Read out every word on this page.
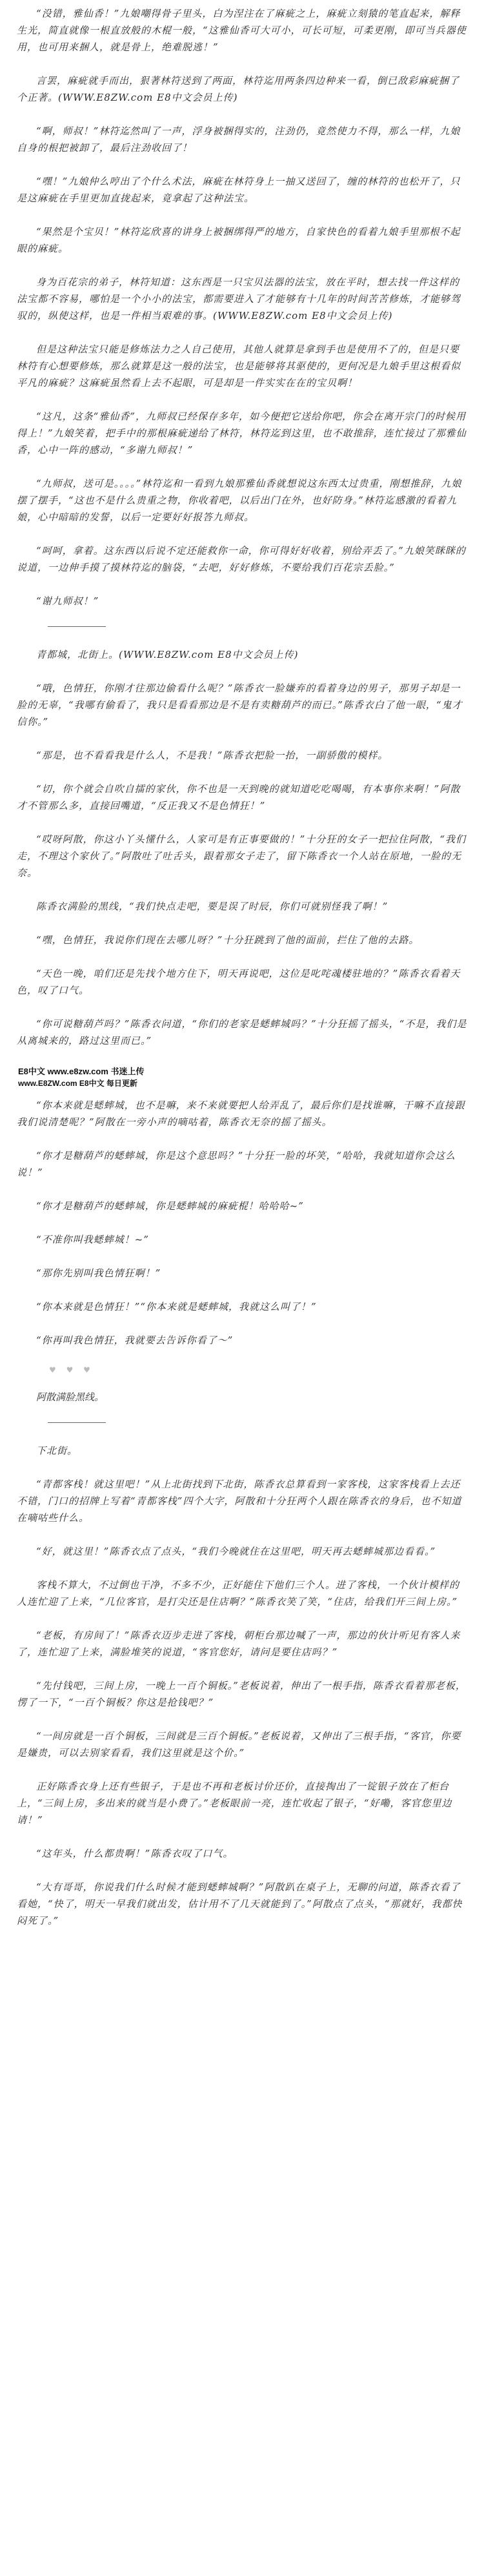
“没错，雅仙香！”九娘嘲得骨子里头，白为涅注在了麻疵之上，麻疵立刻猿的笔直起来，解释生光，简直就像一根直放般的木棍一般，“这雅仙香可大可小，可长可短，可柔更刚，即可当兵器使用，也可用来捆人，就是骨上，绝难脱逃！”

言罢，麻疵就手而出，狠著林符送到了两面，林符迄用两条四边种来一看，倒已敌彩麻疵捆了个正著。(WWW.E8ZW.com E8中文会员上传)

“啊，师叔！”林符迄然叫了一声，浮身被捆得实的，注劲仍，竟然使力不得，那么一样，九娘自身的根把被卸了，最后注劲收回了！

“嘿！”九娘仲么哼出了个什么术法，麻疵在林符身上一抽又送回了，缠的林符的也松开了，只是这麻疵在手里更加直拢起来，竟拿起了这种法宝。

“果然是个宝贝！”林符迄欣喜的讲身上被捆绑得严的地方，自家快色的看着九娘手里那根不起眼的麻疵。

身为百花宗的弟子，林符知道：这东西是一只宝贝法器的法宝，放在平时，想去找一件这样的法宝都不容易，哪怕是一个小小的法宝，都需要进入了才能够有十几年的时间苦苦修炼，才能够驾驭的，纵使这样，也是一件相当艰难的事。(WWW.E8ZW.com E8中文会员上传)

但是这种法宝只能是修炼法力之人自己使用，其他人就算是拿到手也是使用不了的，但是只要林符有心想要修炼，那么就算是这一般的法宝，也是能够将其驱使的，更何况是九娘手里这根看似平凡的麻疵？这麻疵虽然看上去不起眼，可是却是一件实实在在的宝贝啊！

“这凡，这条“雅仙香”，九师叔已经保存多年，如今便把它送给你吧，你会在离开宗门的时候用得上！”九娘笑着，把手中的那根麻疵递给了林符，林符迄到这里，也不敢推辞，连忙接过了那雅仙香，心中一阵的感动，“多谢九师叔！”

“九师叔，送可是。。。。”林符迄和一看到九娘那雅仙香就想说这东西太过贵重，刚想推辞，九娘摆了摆手，“这也不是什么贵重之物，你收着吧，以后出门在外，也好防身。”林符迄感激的看着九娘，心中暗暗的发誓，以后一定要好好报答九师叔。

“呵呵，拿着。这东西以后说不定还能救你一命，你可得好好收着，别给弄丢了。”九娘笑眯眯的说道，一边伸手摸了摸林符迄的脑袋，“去吧，好好修炼，不要给我们百花宗丢脸。”

“谢九师叔！”

青都城，北街上。(WWW.E8ZW.com E8中文会员上传)

“哦，色情狂，你刚才往那边偷看什么呢？”陈香衣一脸嫌弃的看着身边的男子，那男子却是一脸的无辜，“我哪有偷看了，我只是看看那边是不是有卖糖葫芦的而已。”陈香衣白了他一眼，“鬼才信你。”

“那是，也不看看我是什么人，不是我！”陈香衣把脸一抬，一副骄傲的模样。

“切，你个就会自吹自擂的家伙，你不也是一天到晚的就知道吃吃喝喝，有本事你来啊！”阿散才不管那么多，直接回嘴道，“反正我又不是色情狂！”

“哎呀阿散，你这小丫头懂什么，人家可是有正事要做的！”十分狂的女子一把拉住阿散，“我们走，不理这个家伙了。”阿散吐了吐舌头，跟着那女子走了，留下陈香衣一个人站在原地，一脸的无奈。

陈香衣满脸的黑线，“我们快点走吧，要是误了时辰，你们可就别怪我了啊！”

“嘿，色情狂，我说你们现在去哪儿呀？”十分狂跳到了他的面前，拦住了他的去路。

“天色一晚，咱们还是先找个地方住下，明天再说吧，这位是叱咤魂楼驻地的？”陈香衣看着天色，叹了口气。

“你可说糖葫芦吗？”陈香衣问道，“你们的老家是蟋蟀城吗？”十分狂摇了摇头，“不是，我们是从离城来的，路过这里而已。”

E8中文 www.e8zw.com 书迷上传
www.E8ZW.com E8中文 每日更新

“你本来就是蟋蟀城，也不是嘛，来不来就要把人给弄乱了，最后你们是找谁嘛，干嘛不直接跟我们说清楚呢？”阿散在一旁小声的嘀咕着，陈香衣无奈的摇了摇头。

“你才是糖葫芦的蟋蟀城，你是这个意思吗？”十分狂一脸的坏笑，“哈哈，我就知道你会这么说！”

“你才是糖葫芦的蟋蟀城，你是蟋蟀城的麻疵棍！哈哈哈~”

“不准你叫我蟋蟀城！~”

“那你先别叫我色情狂啊！”

“你本来就是色情狂！”“你本来就是蟋蟀城，我就这么叫了！”

“你再叫我色情狂，我就要去告诉你看了～”

♥ ♥ ♥

阿散满脸黑线。

下北街。

“青都客栈！就这里吧！”从上北街找到下北街，陈香衣总算看到一家客栈，这家客栈看上去还不错，门口的招牌上写着“青都客栈”四个大字，阿散和十分狂两个人跟在陈香衣的身后，也不知道在嘀咕些什么。

“好，就这里！”陈香衣点了点头，“我们今晚就住在这里吧，明天再去蟋蟀城那边看看。”

客栈不算大，不过倒也干净，不多不少，正好能住下他们三个人。进了客栈，一个伙计模样的人连忙迎了上来，“几位客官，是打尖还是住店啊？”陈香衣笑了笑，“住店，给我们开三间上房。”

“老板，有房间了！”陈香衣迈步走进了客栈，朝柜台那边喊了一声，那边的伙计听见有客人来了，连忙迎了上来，满脸堆笑的说道，“客官您好，请问是要住店吗？”

“先付钱吧，三间上房，一晚上一百个铜板。”老板说着，伸出了一根手指，陈香衣看着那老板，愣了一下，“一百个铜板？你这是抢钱吧？”

“一间房就是一百个铜板，三间就是三百个铜板。”老板说着，又伸出了三根手指，“客官，你要是嫌贵，可以去别家看看，我们这里就是这个价。”

正好陈香衣身上还有些银子，于是也不再和老板讨价还价，直接掏出了一锭银子放在了柜台上，“三间上房，多出来的就当是小费了。”老板眼前一亮，连忙收起了银子，“好嘞，客官您里边请！”

“这年头，什么都贵啊！”陈香衣叹了口气。

“大有哥哥，你说我们什么时候才能到蟋蟀城啊？”阿散趴在桌子上，无聊的问道，陈香衣看了看她，“快了，明天一早我们就出发，估计用不了几天就能到了。”阿散点了点头，“那就好，我都快闷死了。”
